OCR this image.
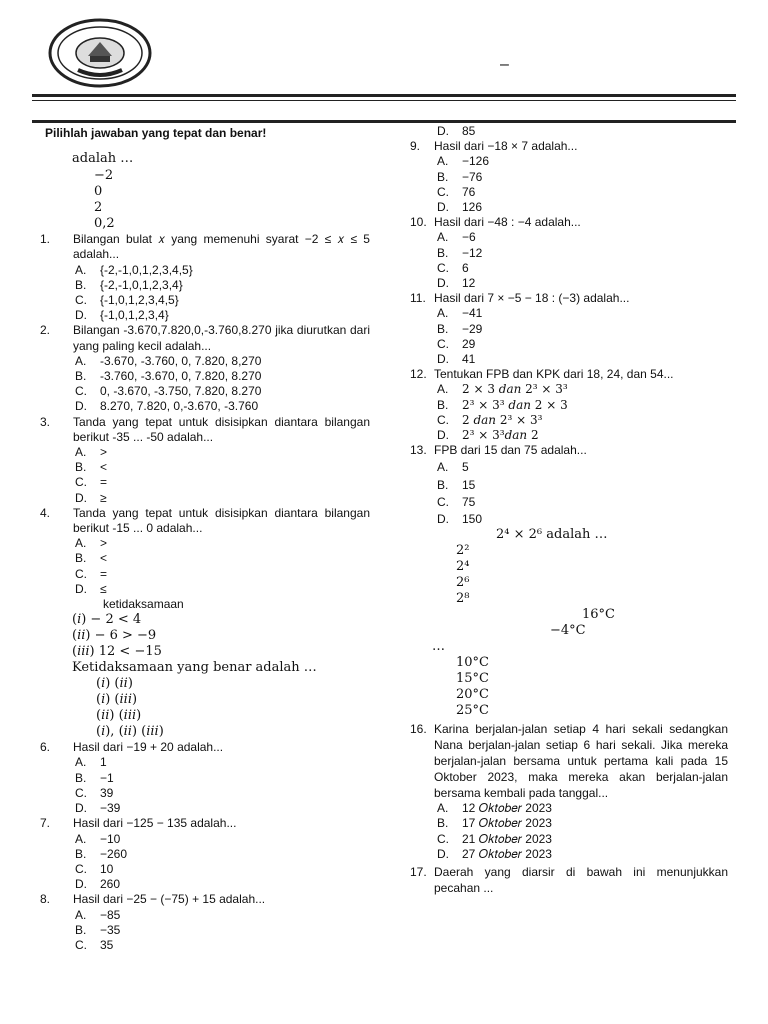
–
Pilihlah jawaban yang tepat dan benar!
adalah …
−2
0
2
0,2
1.	Bilangan bulat 𝑥 yang memenuhi syarat −2 ≤ 𝑥 ≤ 5 adalah...
A.	{-2,-1,0,1,2,3,4,5}
B.	{-2,-1,0,1,2,3,4}
C.	{-1,0,1,2,3,4,5}
D.	{-1,0,1,2,3,4}
2.	Bilangan -3.670,7.820,0,-3.760,8.270 jika diurutkan dari yang paling kecil adalah...
A.	-3.670, -3.760, 0, 7.820, 8,270
B.	-3.760, -3.670, 0, 7.820, 8.270
C.	0, -3.670, -3.750, 7.820, 8.270
D.	8.270, 7.820, 0,-3.670, -3.760
3.	Tanda yang tepat untuk disisipkan diantara bilangan berikut -35 ... -50 adalah...
A.	>
B.	<
C.	=
D.	≥
4.	Tanda yang tepat untuk disisipkan diantara bilangan berikut -15 ... 0 adalah...
A.	>
B.	<
C.	=
D.	≤
ketidaksamaan
(𝑖) − 2 < 4
(𝑖𝑖) − 6 > −9
(𝑖𝑖𝑖) 12 < −15
Ketidaksamaan yang benar adalah …
(𝑖) (𝑖𝑖)
(𝑖) (𝑖𝑖𝑖)
(𝑖𝑖) (𝑖𝑖𝑖)
(𝑖), (𝑖𝑖) (𝑖𝑖𝑖)
6.	Hasil dari −19 + 20 adalah...
A.	1
B.	−1
C.	39
D.	−39
7.	Hasil dari −125 − 135 adalah...
A.	−10
B.	−260
C.	10
D.	260
8.	Hasil dari −25 − (−75) + 15 adalah...
A.	−85
B.	−35
C.	35
D.	85
9.	Hasil dari −18 × 7 adalah...
A.	−126
B.	−76
C.	76
D.	126
10. Hasil dari −48 : −4 adalah...
A.	−6
B.	−12
C.	6
D.	12
11. Hasil dari 7 × −5 − 18 : (−3) adalah...
A.	−41
B.	−29
C.	29
D.	41
12. Tentukan FPB dan KPK dari 18, 24, dan 54...
A.	2 × 3 𝑑𝑎𝑛 2³ × 3³
B.	2³ × 3³ 𝑑𝑎𝑛 2 × 3
C.	2 𝑑𝑎𝑛 2³ × 3³
D.	2³ × 3³𝑑𝑎𝑛 2
13. FPB dari 15 dan 75 adalah...
A.	5
B.	15
C.	75
D.	150
2⁴ × 2⁶ adalah …
2²
2⁴
2⁶
2⁸
16°C
−4°C
…
10°C
15°C
20°C
25°C
16. Karina berjalan-jalan setiap 4 hari sekali sedangkan Nana berjalan-jalan setiap 6 hari sekali. Jika mereka berjalan-jalan bersama untuk pertama kali pada 15 Oktober 2023, maka mereka akan berjalan-jalan bersama kembali pada tanggal...
A.	12 𝑂𝑘𝑡𝑜𝑏𝑒𝑟 2023
B.	17 𝑂𝑘𝑡𝑜𝑏𝑒𝑟 2023
C.	21 𝑂𝑘𝑡𝑜𝑏𝑒𝑟 2023
D.	27 𝑂𝑘𝑡𝑜𝑏𝑒𝑟 2023
17. Daerah yang diarsir di bawah ini menunjukkan pecahan ...
